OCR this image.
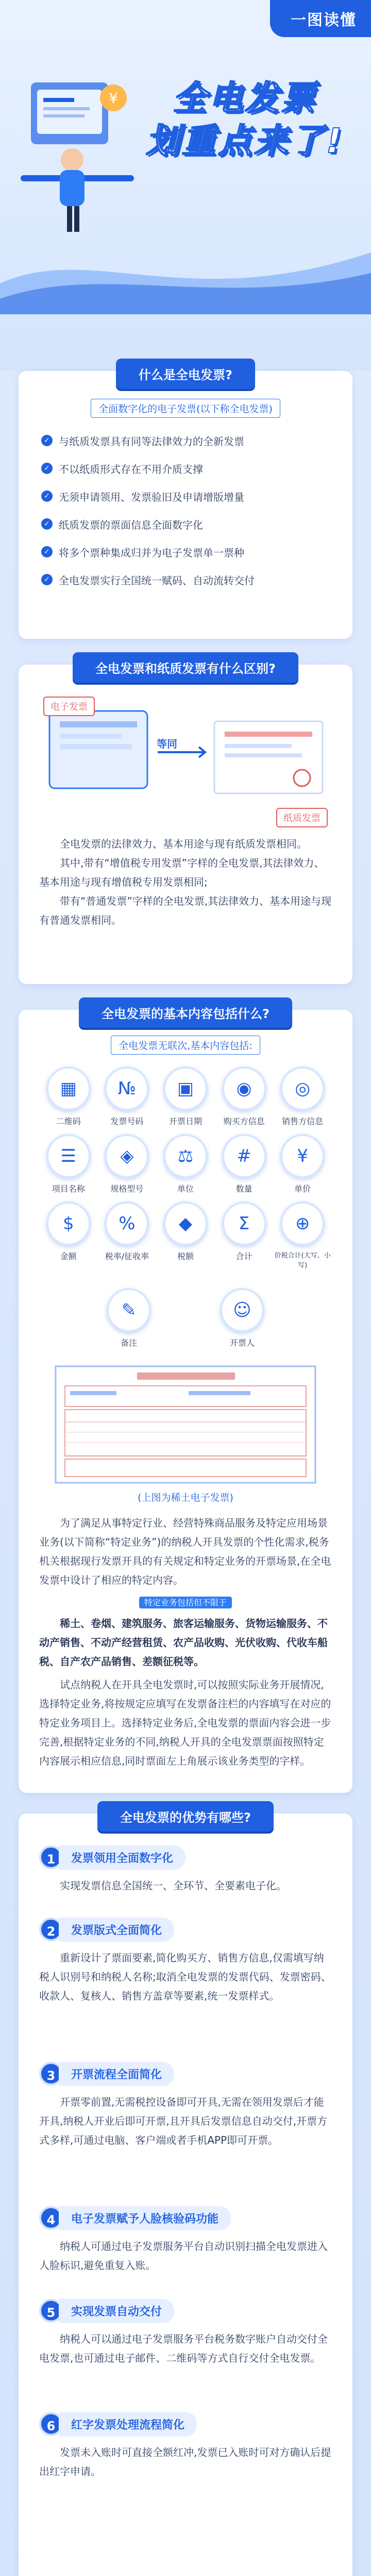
一图读懂
¥	全电发票
划重点来了!
什么是全电发票?
全面数字化的电子发票(以下称全电发票)
✓ 与纸质发票具有同等法律效力的全新发票
✓ 不以纸质形式存在不用介质支撑
✓ 无须申请领用、发票验旧及申请增版增量
✓ 纸质发票的票面信息全面数字化
✓ 将多个票种集成归并为电子发票单一票种
✓ 全电发票实行全国统一赋码、自动流转交付
全电发票和纸质发票有什么区别?
电子发票
等同
纸质发票

全电发票的法律效力、基本用途与现有纸质发票相同。

其中,带有“增值税专用发票”字样的全电发票,其法律效力、基本用途与现有增值税专用发票相同;

带有“普通发票”字样的全电发票,其法律效力、基本用途与现有普通发票相同。

全电发票的基本内容包括什么?
全电发票无联次,基本内容包括:
▦
二维码
№
发票号码
▣
开票日期
◉
购买方信息
◎
销售方信息
☰
项目名称
◈
规格型号
⚖
单位
#
数量
¥
单价
$
金额
%
税率/征收率
◆
税额
Σ
合计
⊕
价税合计(大写、小写)
✎
备注
☺
开票人
(上图为稀土电子发票)

为了满足从事特定行业、经营特殊商品服务及特定应用场景业务(以下简称“特定业务”)的纳税人开具发票的个性化需求,税务机关根据现行发票开具的有关规定和特定业务的开票场景,在全电发票中设计了相应的特定内容。

特定业务包括但不限于

稀土、卷烟、建筑服务、旅客运输服务、货物运输服务、不动产销售、不动产经营租赁、农产品收购、光伏收购、代收车船税、自产农产品销售、差额征税等。

试点纳税人在开具全电发票时,可以按照实际业务开展情况,选择特定业务,将按规定应填写在发票备注栏的内容填写在对应的特定业务项目上。选择特定业务后,全电发票的票面内容会进一步完善,根据特定业务的不同,纳税人开具的全电发票票面按照特定内容展示相应信息,同时票面左上角展示该业务类型的字样。

全电发票的优势有哪些?
1	发票领用全面数字化

实现发票信息全国统一、全环节、全要素电子化。

2	发票版式全面简化

重新设计了票面要素,简化购买方、销售方信息,仅需填写纳税人识别号和纳税人名称;取消全电发票的发票代码、发票密码、收款人、复核人、销售方盖章等要素,统一发票样式。

3	开票流程全面简化

开票零前置,无需税控设备即可开具,无需在领用发票后才能开具,纳税人开业后即可开票,且开具后发票信息自动交付,开票方式多样,可通过电脑、客户端或者手机APP即可开票。

4	电子发票赋予人脸核验码功能

纳税人可通过电子发票服务平台自动识别扫描全电发票进入人脸标识,避免重复入账。

5	实现发票自动交付

纳税人可以通过电子发票服务平台税务数字账户自动交付全电发票,也可通过电子邮件、二维码等方式自行交付全电发票。

6	红字发票处理流程简化

发票未入账时可直接全额红冲,发票已入账时可对方确认后提出红字申请。
